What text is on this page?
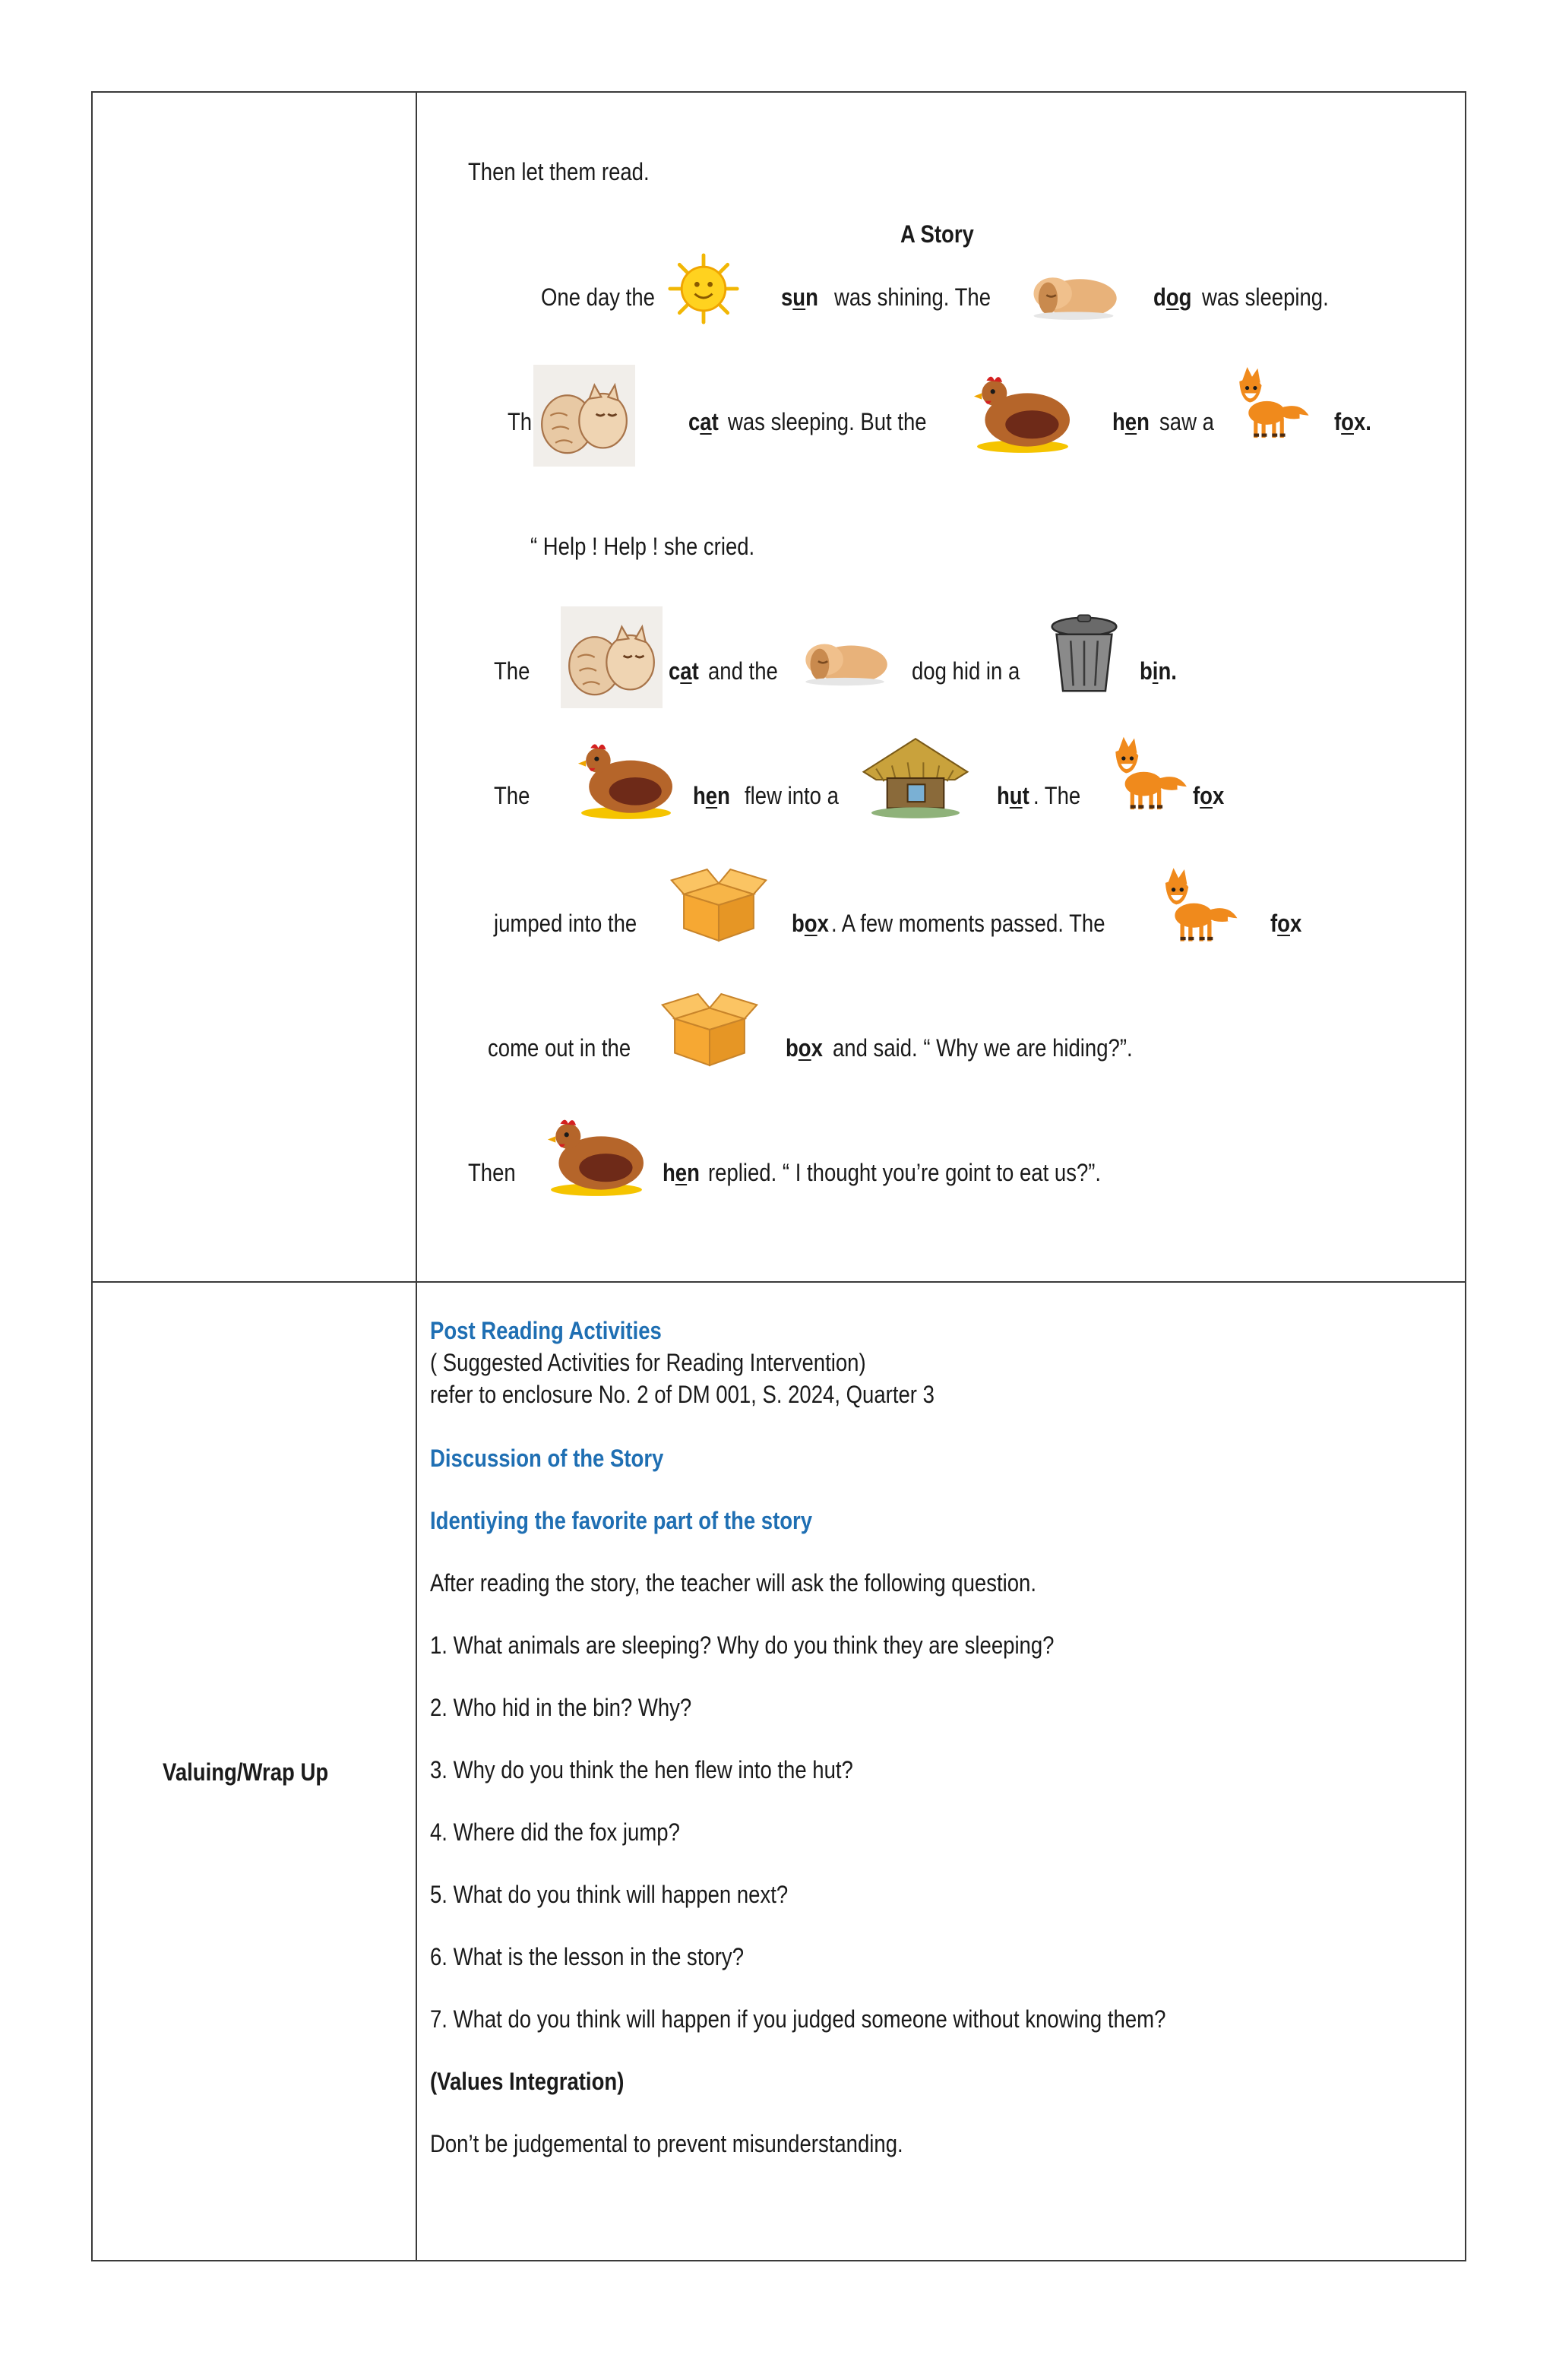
Then let them read.
A Story
One day the	sun was shining. The	dog was sleeping.
Th	cat was sleeping. But the	hen saw a	fox.
“ Help ! Help ! she cried.
The	cat and the	dog hid in a	bin.
The	hen flew into a	hut . The	fox
jumped into the	box . A few moments passed. The	fox
come out in the	box and said. “ Why we are hiding?”.
Then	hen replied. “ I thought you’re goint to eat us?”.
Valuing/Wrap Up
Post Reading Activities
( Suggested Activities for Reading Intervention)
refer to enclosure No. 2 of DM 001, S. 2024, Quarter 3
Discussion of the Story
Identiying the favorite part of the story
After reading the story, the teacher will ask the following question.
1. What animals are sleeping? Why do you think they are sleeping?
2. Who hid in the bin? Why?
3. Why do you think the hen flew into the hut?
4. Where did the fox jump?
5. What do you think will happen next?
6. What is the lesson in the story?
7. What do you think will happen if you judged someone without knowing them?
(Values Integration)
Don’t be judgemental to prevent misunderstanding.
